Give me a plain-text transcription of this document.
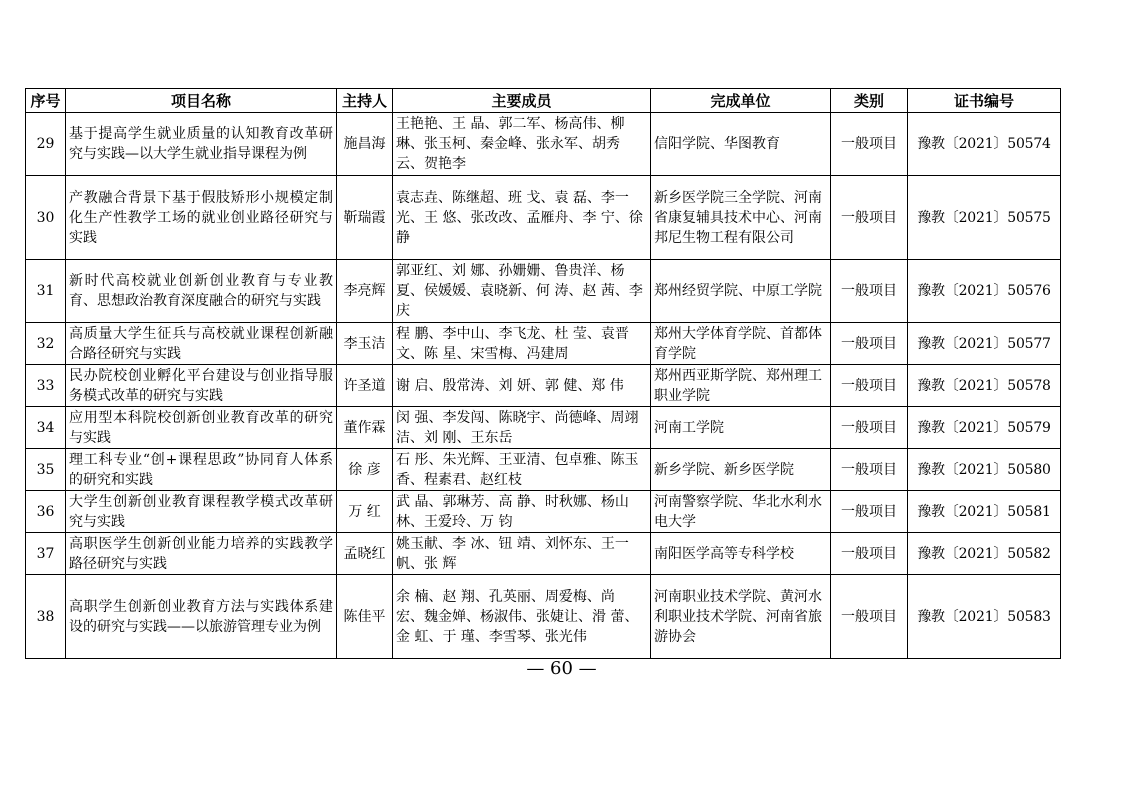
序号	项目名称	主持人	主要成员	完成单位	类别	证书编号
29	基于提高学生就业质量的认知教育改革研究与实践—以大学生就业指导课程为例	施昌海	王艳艳、王 晶、郭二军、杨高伟、柳 琳、张玉柯、秦金峰、张永军、胡秀云、贺艳李	信阳学院、华图教育	一般项目	豫教〔2021〕50574
30	产教融合背景下基于假肢矫形小规模定制化生产性教学工场的就业创业路径研究与实践	靳瑞霞	袁志垚、陈继超、班 戈、袁 磊、李一光、王 悠、张改改、孟雁舟、李 宁、徐 静	新乡医学院三全学院、河南省康复辅具技术中心、河南邦尼生物工程有限公司	一般项目	豫教〔2021〕50575
31	新时代高校就业创新创业教育与专业教育、思想政治教育深度融合的研究与实践	李亮辉	郭亚红、刘 娜、孙姗姗、鲁贵洋、杨 夏、侯媛媛、袁晓新、何 涛、赵 茜、李 庆	郑州经贸学院、中原工学院	一般项目	豫教〔2021〕50576
32	高质量大学生征兵与高校就业课程创新融合路径研究与实践	李玉洁	程 鹏、李中山、李飞龙、杜 莹、袁晋文、陈 星、宋雪梅、冯建周	郑州大学体育学院、首都体育学院	一般项目	豫教〔2021〕50577
33	民办院校创业孵化平台建设与创业指导服务模式改革的研究与实践	许圣道	谢 启、殷常涛、刘 妍、郭 健、郑 伟	郑州西亚斯学院、郑州理工职业学院	一般项目	豫教〔2021〕50578
34	应用型本科院校创新创业教育改革的研究与实践	董作霖	闵 强、李发闯、陈晓宇、尚德峰、周翊洁、刘 刚、王东岳	河南工学院	一般项目	豫教〔2021〕50579
35	理工科专业“创+课程思政”协同育人体系的研究和实践	徐 彦	石 彤、朱光辉、王亚清、包卓雅、陈玉香、程素君、赵红枝	新乡学院、新乡医学院	一般项目	豫教〔2021〕50580
36	大学生创新创业教育课程教学模式改革研究与实践	万 红	武 晶、郭琳芳、高 静、时秋娜、杨山林、王爱玲、万 钧	河南警察学院、华北水利水电大学	一般项目	豫教〔2021〕50581
37	高职医学生创新创业能力培养的实践教学路径研究与实践	孟晓红	姚玉献、李 冰、钮 靖、刘怀东、王一帆、张 辉	南阳医学高等专科学校	一般项目	豫教〔2021〕50582
38	高职学生创新创业教育方法与实践体系建设的研究与实践——以旅游管理专业为例	陈佳平	余 楠、赵 翔、孔英丽、周爱梅、尚 宏、魏金婵、杨淑伟、张婕让、滑 蕾、金 虹、于 瑾、李雪琴、张光伟	河南职业技术学院、黄河水利职业技术学院、河南省旅游协会	一般项目	豫教〔2021〕50583
— 60 —
